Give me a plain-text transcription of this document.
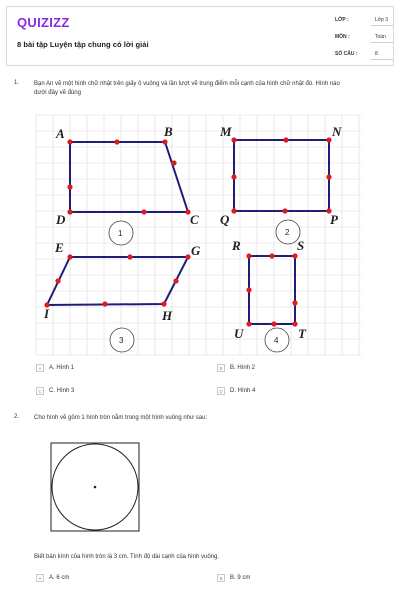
QUIZIZZ
8 bài tập Luyện tập chung có lời giải
LỚP :	Lớp 3
MÔN :	Toán
SỐ CÂU :	8
1. Bạn An vẽ một hình chữ nhật trên giấy ô vuông và lần lượt vẽ trung điểm mỗi cạnh của hình chữ nhật đó. Hình nào
dưới đây vẽ đúng
A	B
C
D
1
M	N
P
Q
2
E	G
H
I
3
R	S
T
U	4
A	A. Hình 1	B	B. Hình 2
C	C. Hình 3	D	D. Hình 4
2. Cho hình vẽ gồm 1 hình tròn nằm trong một hình vuông như sau:
Biết bán kính của hình tròn là 3 cm. Tính độ dài cạnh của hình vuông.
A	A. 6 cm	B	B. 9 cm
